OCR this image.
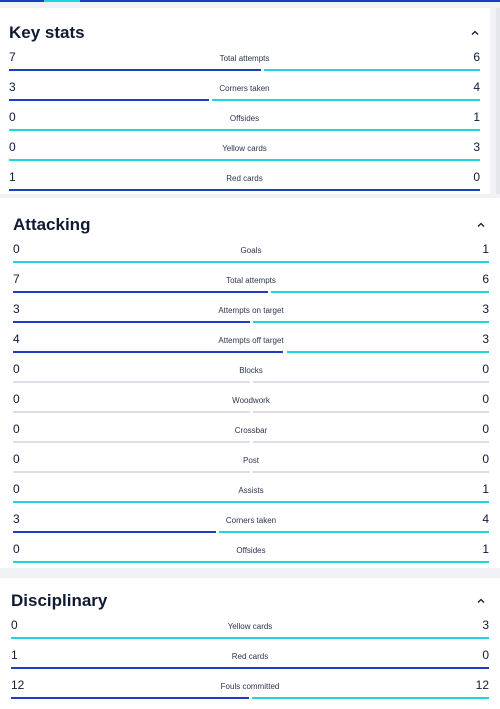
Key stats
7	Total attempts	6
3	Corners taken	4
0	Offsides	1
0	Yellow cards	3
1	Red cards	0
Attacking
0	Goals	1
7	Total attempts	6
3	Attempts on target	3
4	Attempts off target	3
0	Blocks	0
0	Woodwork	0
0	Crossbar	0
0	Post	0
0	Assists	1
3	Corners taken	4
0	Offsides	1
Disciplinary
0	Yellow cards	3
1	Red cards	0
12	Fouls committed	12
